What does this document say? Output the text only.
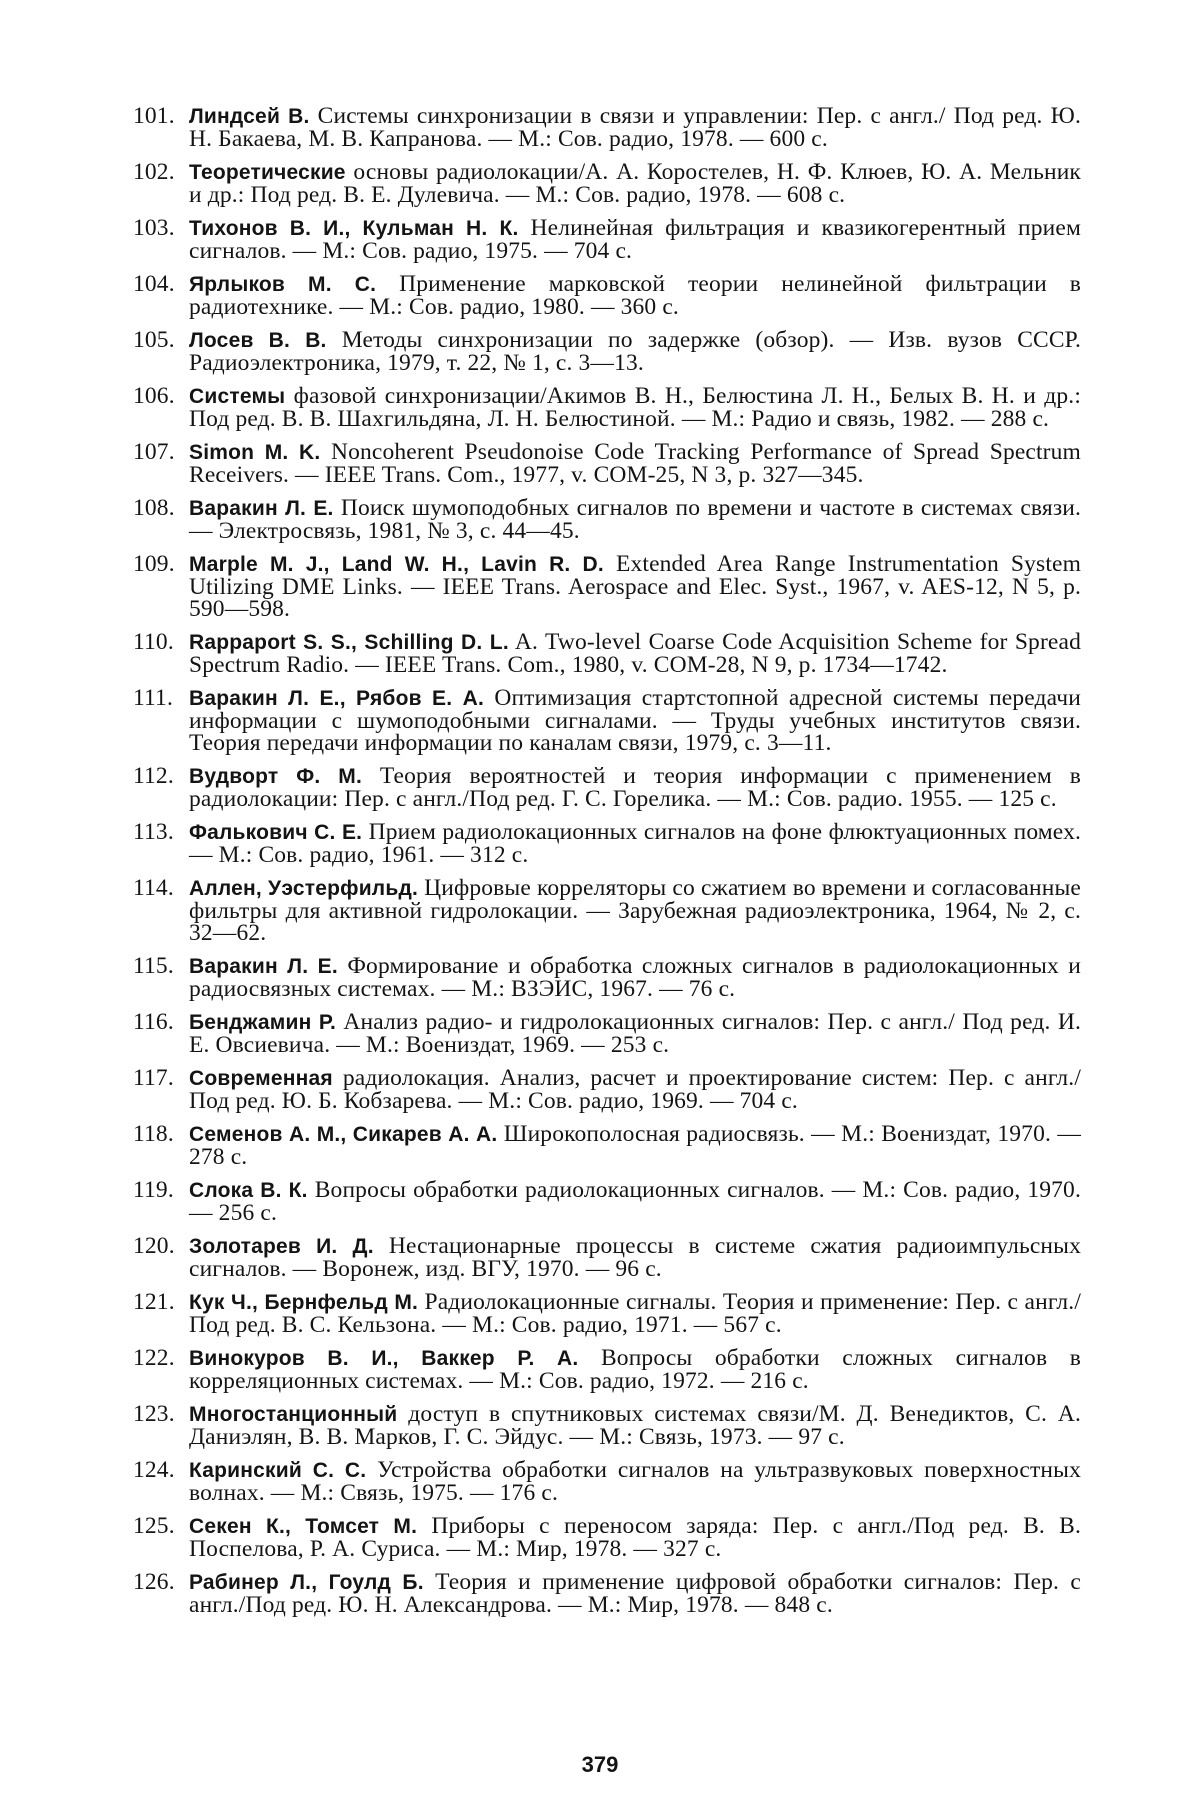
101. Линдсей В. Системы синхронизации в связи и управлении: Пер. с англ./ Под ред. Ю. Н. Бакаева, М. В. Капранова. — М.: Сов. радио, 1978. — 600 с.
102. Теоретические основы радиолокации/А. А. Коростелев, Н. Ф. Клюев, Ю. А. Мельник и др.: Под ред. В. Е. Дулевича. — М.: Сов. радио, 1978. — 608 с.
103. Тихонов В. И., Кульман Н. К. Нелинейная фильтрация и квазикогерентный прием сигналов. — М.: Сов. радио, 1975. — 704 с.
104. Ярлыков М. С. Применение марковской теории нелинейной фильтрации в радиотехнике. — М.: Сов. радио, 1980. — 360 с.
105. Лосев В. В. Методы синхронизации по задержке (обзор). — Изв. вузов СССР. Радиоэлектроника, 1979, т. 22, № 1, с. 3—13.
106. Системы фазовой синхронизации/Акимов В. Н., Белюстина Л. Н., Белых В. Н. и др.: Под ред. В. В. Шахгильдяна, Л. Н. Белюстиной. — М.: Радио и связь, 1982. — 288 с.
107. Simon M. K. Noncoherent Pseudonoise Code Tracking Performance of Spread Spectrum Receivers. — IEEE Trans. Com., 1977, v. COM-25, N 3, p. 327—345.
108. Варакин Л. Е. Поиск шумоподобных сигналов по времени и частоте в системах связи. — Электросвязь, 1981, № 3, с. 44—45.
109. Marple M. J., Land W. H., Lavin R. D. Extended Area Range Instrumentation System Utilizing DME Links. — IEEE Trans. Aerospace and Elec. Syst., 1967, v. AES-12, N 5, p. 590—598.
110. Rappaport S. S., Schilling D. L. A. Two-level Coarse Code Acquisition Scheme for Spread Spectrum Radio. — IEEE Trans. Com., 1980, v. COM-28, N 9, p. 1734—1742.
111. Варакин Л. Е., Рябов Е. А. Оптимизация стартстопной адресной системы передачи информации с шумоподобными сигналами. — Труды учебных институтов связи. Теория передачи информации по каналам связи, 1979, с. 3—11.
112. Вудворт Ф. М. Теория вероятностей и теория информации с применением в радиолокации: Пер. с англ./Под ред. Г. С. Горелика. — М.: Сов. радио. 1955. — 125 с.
113. Фалькович С. Е. Прием радиолокационных сигналов на фоне флюктуационных помех. — М.: Сов. радио, 1961. — 312 с.
114. Аллен, Уэстерфильд. Цифровые корреляторы со сжатием во времени и согласованные фильтры для активной гидролокации. — Зарубежная радиоэлектроника, 1964, № 2, с. 32—62.
115. Варакин Л. Е. Формирование и обработка сложных сигналов в радиолокационных и радиосвязных системах. — М.: ВЗЭИС, 1967. — 76 с.
116. Бенджамин Р. Анализ радио- и гидролокационных сигналов: Пер. с англ./ Под ред. И. Е. Овсиевича. — М.: Воениздат, 1969. — 253 с.
117. Современная радиолокация. Анализ, расчет и проектирование систем: Пер. с англ./Под ред. Ю. Б. Кобзарева. — М.: Сов. радио, 1969. — 704 с.
118. Семенов А. М., Сикарев А. А. Широкополосная радиосвязь. — М.: Воениздат, 1970. — 278 с.
119. Слока В. К. Вопросы обработки радиолокационных сигналов. — М.: Сов. радио, 1970. — 256 с.
120. Золотарев И. Д. Нестационарные процессы в системе сжатия радиоимпульсных сигналов. — Воронеж, изд. ВГУ, 1970. — 96 с.
121. Кук Ч., Бернфельд М. Радиолокационные сигналы. Теория и применение: Пер. с англ./Под ред. В. С. Кельзона. — М.: Сов. радио, 1971. — 567 с.
122. Винокуров В. И., Ваккер Р. А. Вопросы обработки сложных сигналов в корреляционных системах. — М.: Сов. радио, 1972. — 216 с.
123. Многостанционный доступ в спутниковых системах связи/М. Д. Венедиктов, С. А. Даниэлян, В. В. Марков, Г. С. Эйдус. — М.: Связь, 1973. — 97 с.
124. Каринский С. С. Устройства обработки сигналов на ультразвуковых поверхностных волнах. — М.: Связь, 1975. — 176 с.
125. Секен К., Томсет М. Приборы с переносом заряда: Пер. с англ./Под ред. В. В. Поспелова, Р. А. Суриса. — М.: Мир, 1978. — 327 с.
126. Рабинер Л., Гоулд Б. Теория и применение цифровой обработки сигналов: Пер. с англ./Под ред. Ю. Н. Александрова. — М.: Мир, 1978. — 848 с.
379
